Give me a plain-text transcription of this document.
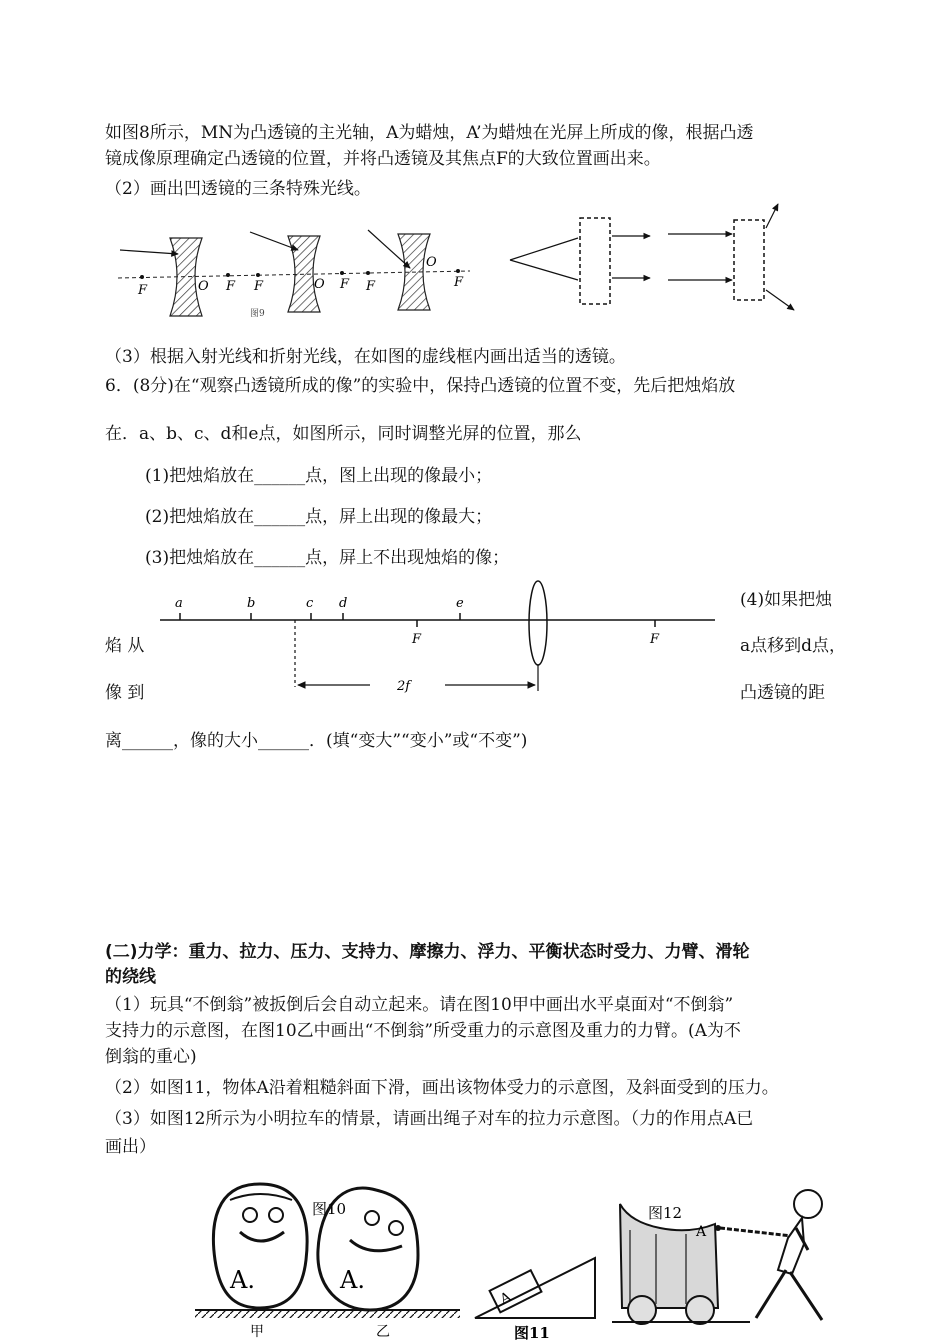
如图8所示，MN为凸透镜的主光轴，A为蜡烛，A’为蜡烛在光屏上所成的像，根据凸透
镜成像原理确定凸透镜的位置，并将凸透镜及其焦点F的大致位置画出来。
（2）画出凹透镜的三条特殊光线。
F	O F F	O F F
O
F
图9
（3）根据入射光线和折射光线，在如图的虚线框内画出适当的透镜。
6．(8分)在“观察凸透镜所成的像”的实验中，保持凸透镜的位置不变，先后把烛焰放
在．a、b、c、d和e点，如图所示，同时调整光屏的位置，那么
(1)把烛焰放在______点，图上出现的像最小；
(2)把烛焰放在______点，屏上出现的像最大；
(3)把烛焰放在______点，屏上不出现烛焰的像；
a	b	c d	e
F	F
2f
(4)如果把烛
焰 从	a点移到d点，
像 到	凸透镜的距
离______，像的大小______．(填“变大”“变小”或“不变”)
(二)力学：重力、拉力、压力、支持力、摩擦力、浮力、平衡状态时受力、力臂、滑轮
的绕线
（1）玩具“不倒翁”被扳倒后会自动立起来。请在图10甲中画出水平桌面对“不倒翁”
支持力的示意图，在图10乙中画出“不倒翁”所受重力的示意图及重力的力臂。(A为不
倒翁的重心)
（2）如图11，物体A沿着粗糙斜面下滑，画出该物体受力的示意图，及斜面受到的压力。
（3）如图12所示为小明拉车的情景，请画出绳子对车的拉力示意图。（力的作用点A已
画出）
A.	A.
图10
甲	乙
A
图11
图12
A
